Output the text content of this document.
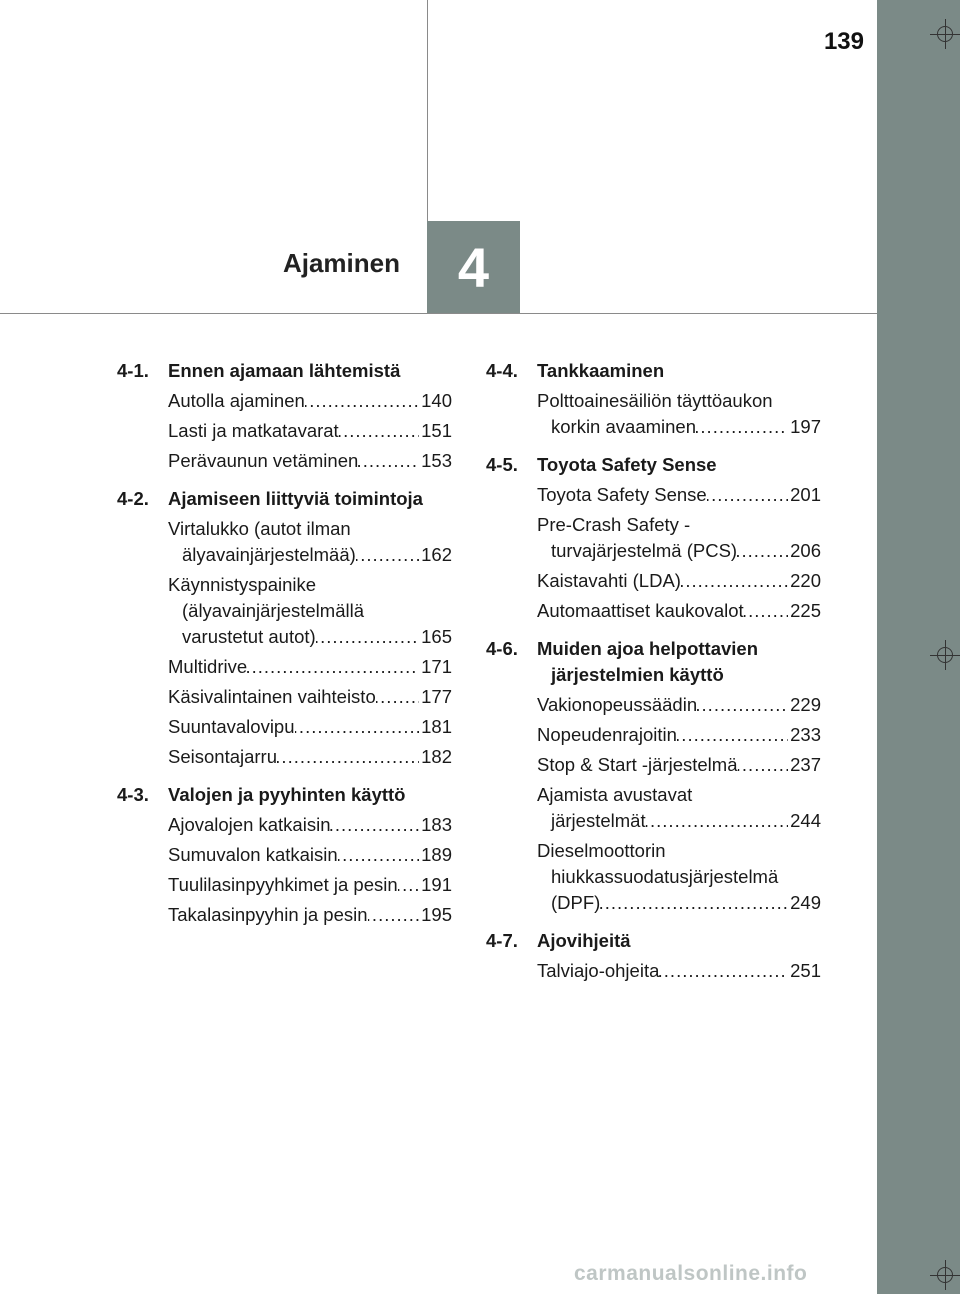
139
Ajaminen 4
4-1.	Ennen ajamaan lähtemistä
Autolla ajaminen .....	140
Lasti ja matkatavarat .....	151
Perävaunun vetäminen .....	153
4-2.	Ajamiseen liittyviä toimintoja
Virtalukko (autot ilman älyavainjärjestelmää) .....	162
Käynnistyspainike (älyavainjärjestelmällä varustetut autot) .....	165
Multidrive .....	171
Käsivalintainen vaihteisto .....	177
Suuntavalovipu .....	181
Seisontajarru .....	182
4-3.	Valojen ja pyyhinten käyttö
Ajovalojen katkaisin .....	183
Sumuvalon katkaisin .....	189
Tuulilasinpyyhkimet ja pesin .....	191
Takalasinpyyhin ja pesin .....	195
4-4.	Tankkaaminen
Polttoainesäiliön täyttöaukon korkin avaaminen .....	197
4-5.	Toyota Safety Sense
Toyota Safety Sense .....	201
Pre-Crash Safety -turvajärjestelmä (PCS) .....	206
Kaistavahti (LDA) .....	220
Automaattiset kaukovalot .....	225
4-6.	Muiden ajoa helpottavien järjestelmien käyttö
Vakionopeussäädin .....	229
Nopeudenrajoitin .....	233
Stop & Start -järjestelmä .....	237
Ajamista avustavat järjestelmät .....	244
Dieselmoottorin hiukkassuodatusjärjestelmä (DPF) .....	249
4-7.	Ajovihjeitä
Talviajo-ohjeita .....	251
carmanualsonline.info
